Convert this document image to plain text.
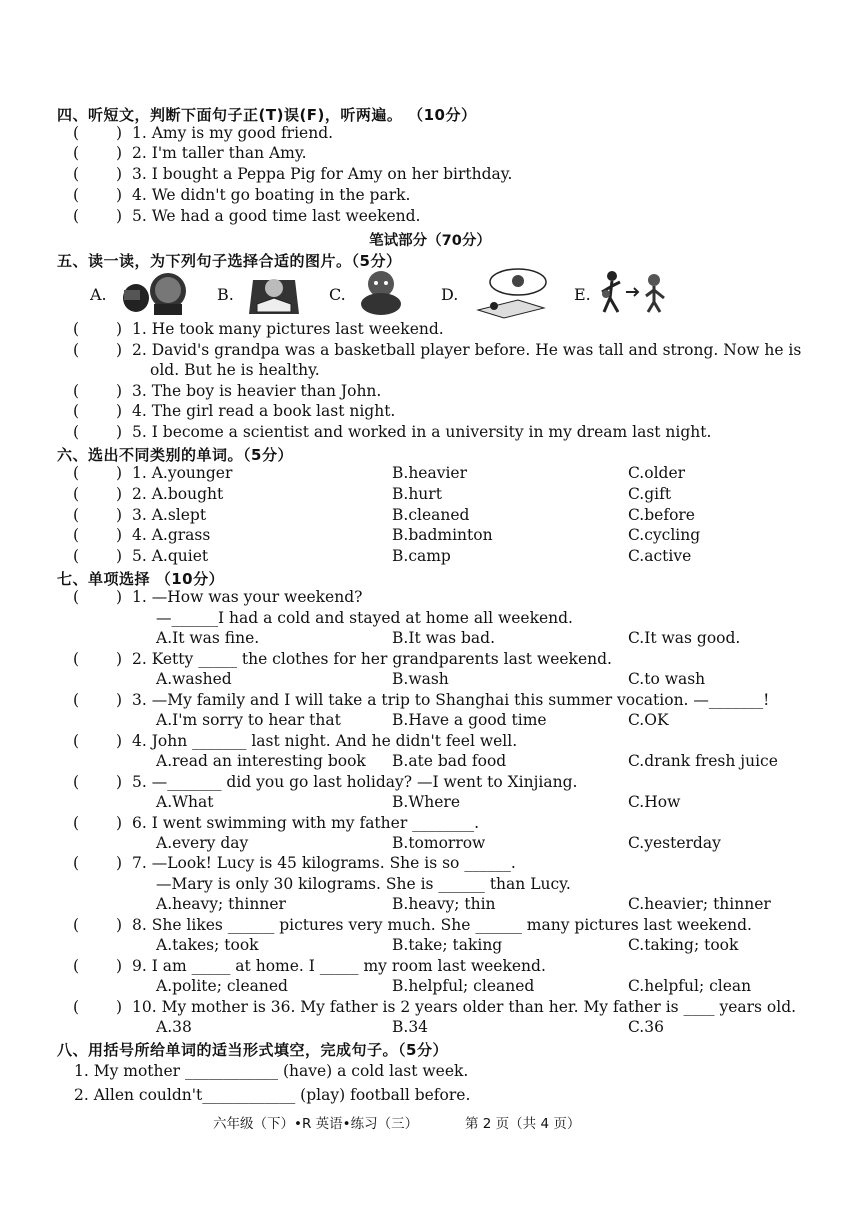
四、听短文，判断下面句子正(T)误(F)，听两遍。 （10分）
( ) 1. Amy is my good friend.
( ) 2. I'm taller than Amy.
( ) 3. I bought a Peppa Pig for Amy on her birthday.
( ) 4. We didn't go boating in the park.
( ) 5. We had a good time last weekend.
笔试部分（70分）
五、读一读，为下列句子选择合适的图片。（5分）
A.	B.	C.	D.	E.
( ) 1. He took many pictures last weekend.
( ) 2. David's grandpa was a basketball player before. He was tall and strong. Now he is
old. But he is healthy.
( ) 3. The boy is heavier than John.
( ) 4. The girl read a book last night.
( ) 5. I become a scientist and worked in a university in my dream last night.
六、选出不同类别的单词。（5分）
( ) 1. A.younger	B.heavier	C.older
( ) 2. A.bought	B.hurt	C.gift
( ) 3. A.slept	B.cleaned	C.before
( ) 4. A.grass	B.badminton	C.cycling
( ) 5. A.quiet	B.camp	C.active
七、单项选择 （10分）
( ) 1. —How was your weekend?
—______I had a cold and stayed at home all weekend.
A.It was fine.	B.It was bad.	C.It was good.
( ) 2. Ketty _____ the clothes for her grandparents last weekend.
A.washed	B.wash	C.to wash
( ) 3. —My family and I will take a trip to Shanghai this summer vocation. —_______!
A.I'm sorry to hear that	B.Have a good time	C.OK
( ) 4. John _______ last night. And he didn't feel well.
A.read an interesting book B.ate bad food	C.drank fresh juice
( ) 5. —_______ did you go last holiday? —I went to Xinjiang.
A.What	B.Where	C.How
( ) 6. I went swimming with my father ________.
A.every day	B.tomorrow	C.yesterday
( ) 7. —Look! Lucy is 45 kilograms. She is so ______.
—Mary is only 30 kilograms. She is ______ than Lucy.
A.heavy; thinner	B.heavy; thin	C.heavier; thinner
( ) 8. She likes ______ pictures very much. She ______ many pictures last weekend.
A.takes; took	B.take; taking	C.taking; took
( ) 9. I am _____ at home. I _____ my room last weekend.
A.polite; cleaned	B.helpful; cleaned	C.helpful; clean
( ) 10. My mother is 36. My father is 2 years older than her. My father is ____ years old.
A.38	B.34	C.36
八、用括号所给单词的适当形式填空，完成句子。（5分）
1. My mother ____________ (have) a cold last week.
2. Allen couldn't____________ (play) football before.
六年级（下）•R 英语•练习（三）	第 2 页（共 4 页）
